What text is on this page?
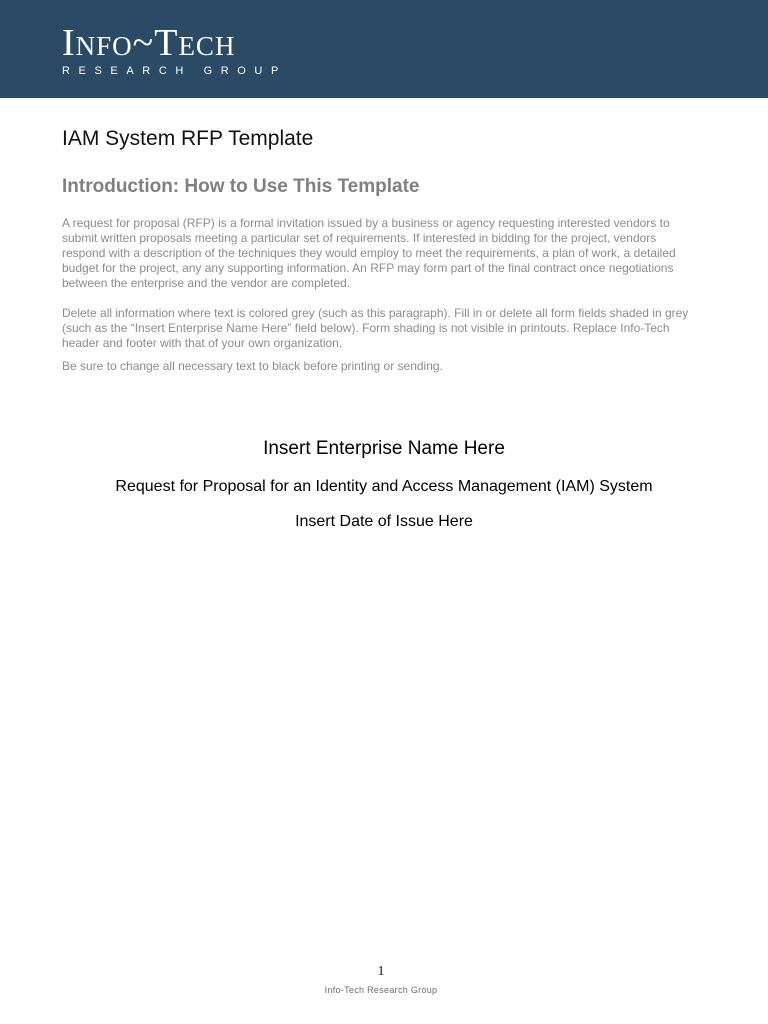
Info~Tech
RESEARCH GROUP
IAM System RFP Template
Introduction: How to Use This Template

A request for proposal (RFP) is a formal invitation issued by a business or agency requesting interested vendors to submit written proposals meeting a particular set of requirements. If interested in bidding for the project, vendors respond with a description of the techniques they would employ to meet the requirements, a plan of work, a detailed budget for the project, any any supporting information. An RFP may form part of the final contract once negotiations between the enterprise and the vendor are completed.

Delete all information where text is colored grey (such as this paragraph). Fill in or delete all form fields shaded in grey (such as the “Insert Enterprise Name Here” field below). Form shading is not visible in printouts. Replace Info-Tech header and footer with that of your own organization.

Be sure to change all necessary text to black before printing or sending.

Insert Enterprise Name Here
Request for Proposal for an Identity and Access Management (IAM) System
Insert Date of Issue Here
1
Info-Tech Research Group
